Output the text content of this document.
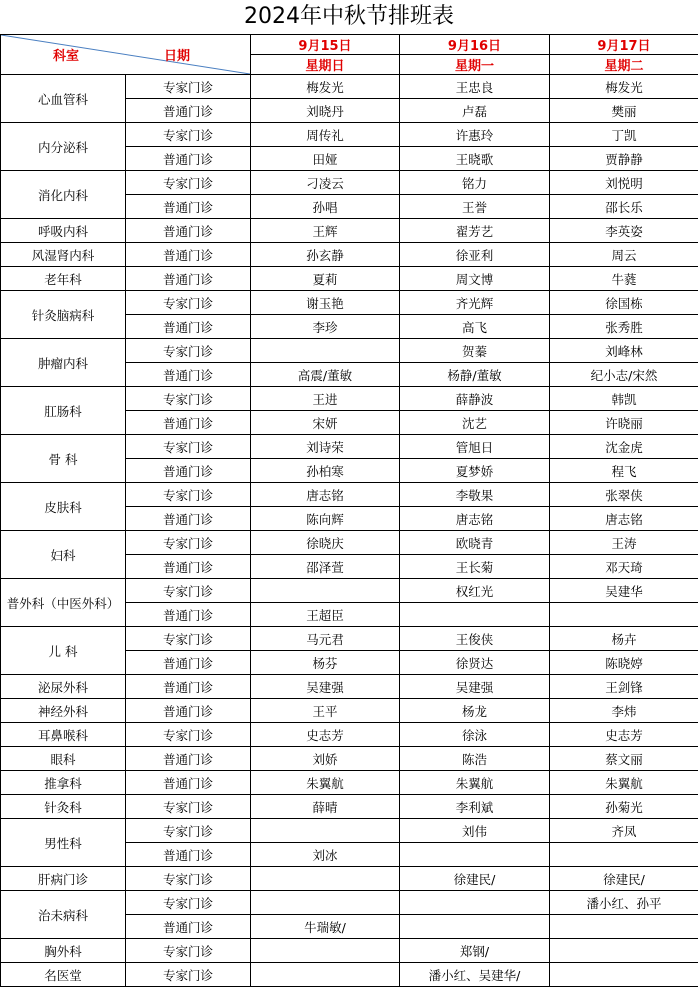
2024年中秋节排班表
科室 日期		9月15日	9月16日	9月17日
		星期日	星期一	星期二
心血管科	专家门诊	梅发光	王忠良	梅发光
	普通门诊	刘晓丹	卢磊	樊丽
内分泌科	专家门诊	周传礼	许惠玲	丁凯
	普通门诊	田娅	王晓歌	贾静静
消化内科	专家门诊	刁凌云	铭力	刘悦明
	普通门诊	孙唱	王誉	邵长乐
呼吸内科	普通门诊	王辉	翟芳艺	李英姿
风湿肾内科	普通门诊	孙玄静	徐亚利	周云
老年科	普通门诊	夏莉	周文博	牛蕤
针灸脑病科	专家门诊	谢玉艳	齐光辉	徐国栋
	普通门诊	李珍	高飞	张秀胜
肿瘤内科	专家门诊		贺蓁	刘峰林
	普通门诊	高震/董敏	杨静/董敏	纪小志/宋然
肛肠科	专家门诊	王进	薛静波	韩凯
	普通门诊	宋妍	沈艺	许晓丽
骨 科	专家门诊	刘诗荣	管旭日	沈金虎
	普通门诊	孙柏寒	夏梦娇	程飞
皮肤科	专家门诊	唐志铭	李敬果	张翠侠
	普通门诊	陈向辉	唐志铭	唐志铭
妇科	专家门诊	徐晓庆	欧晓青	王涛
	普通门诊	邵泽萱	王长菊	邓天琦
普外科（中医外科）	专家门诊		权红光	吴建华
	普通门诊	王超臣		
儿 科	专家门诊	马元君	王俊侠	杨卉
	普通门诊	杨芬	徐贤达	陈晓婷
泌尿外科	普通门诊	吴建强	吴建强	王剑锋
神经外科	普通门诊	王平	杨龙	李炜
耳鼻喉科	专家门诊	史志芳	徐泳	史志芳
眼科	普通门诊	刘娇	陈浩	蔡文丽
推拿科	普通门诊	朱翼航	朱翼航	朱翼航
针灸科	专家门诊	薛晴	李利斌	孙菊光
男性科	专家门诊		刘伟	齐凤
	普通门诊	刘冰		
肝病门诊	专家门诊		徐建民/	徐建民/
治未病科	专家门诊			潘小红、孙平
	普通门诊	牛瑞敏/		
胸外科	专家门诊		郑钢/	
名医堂	专家门诊		潘小红、吴建华/	
